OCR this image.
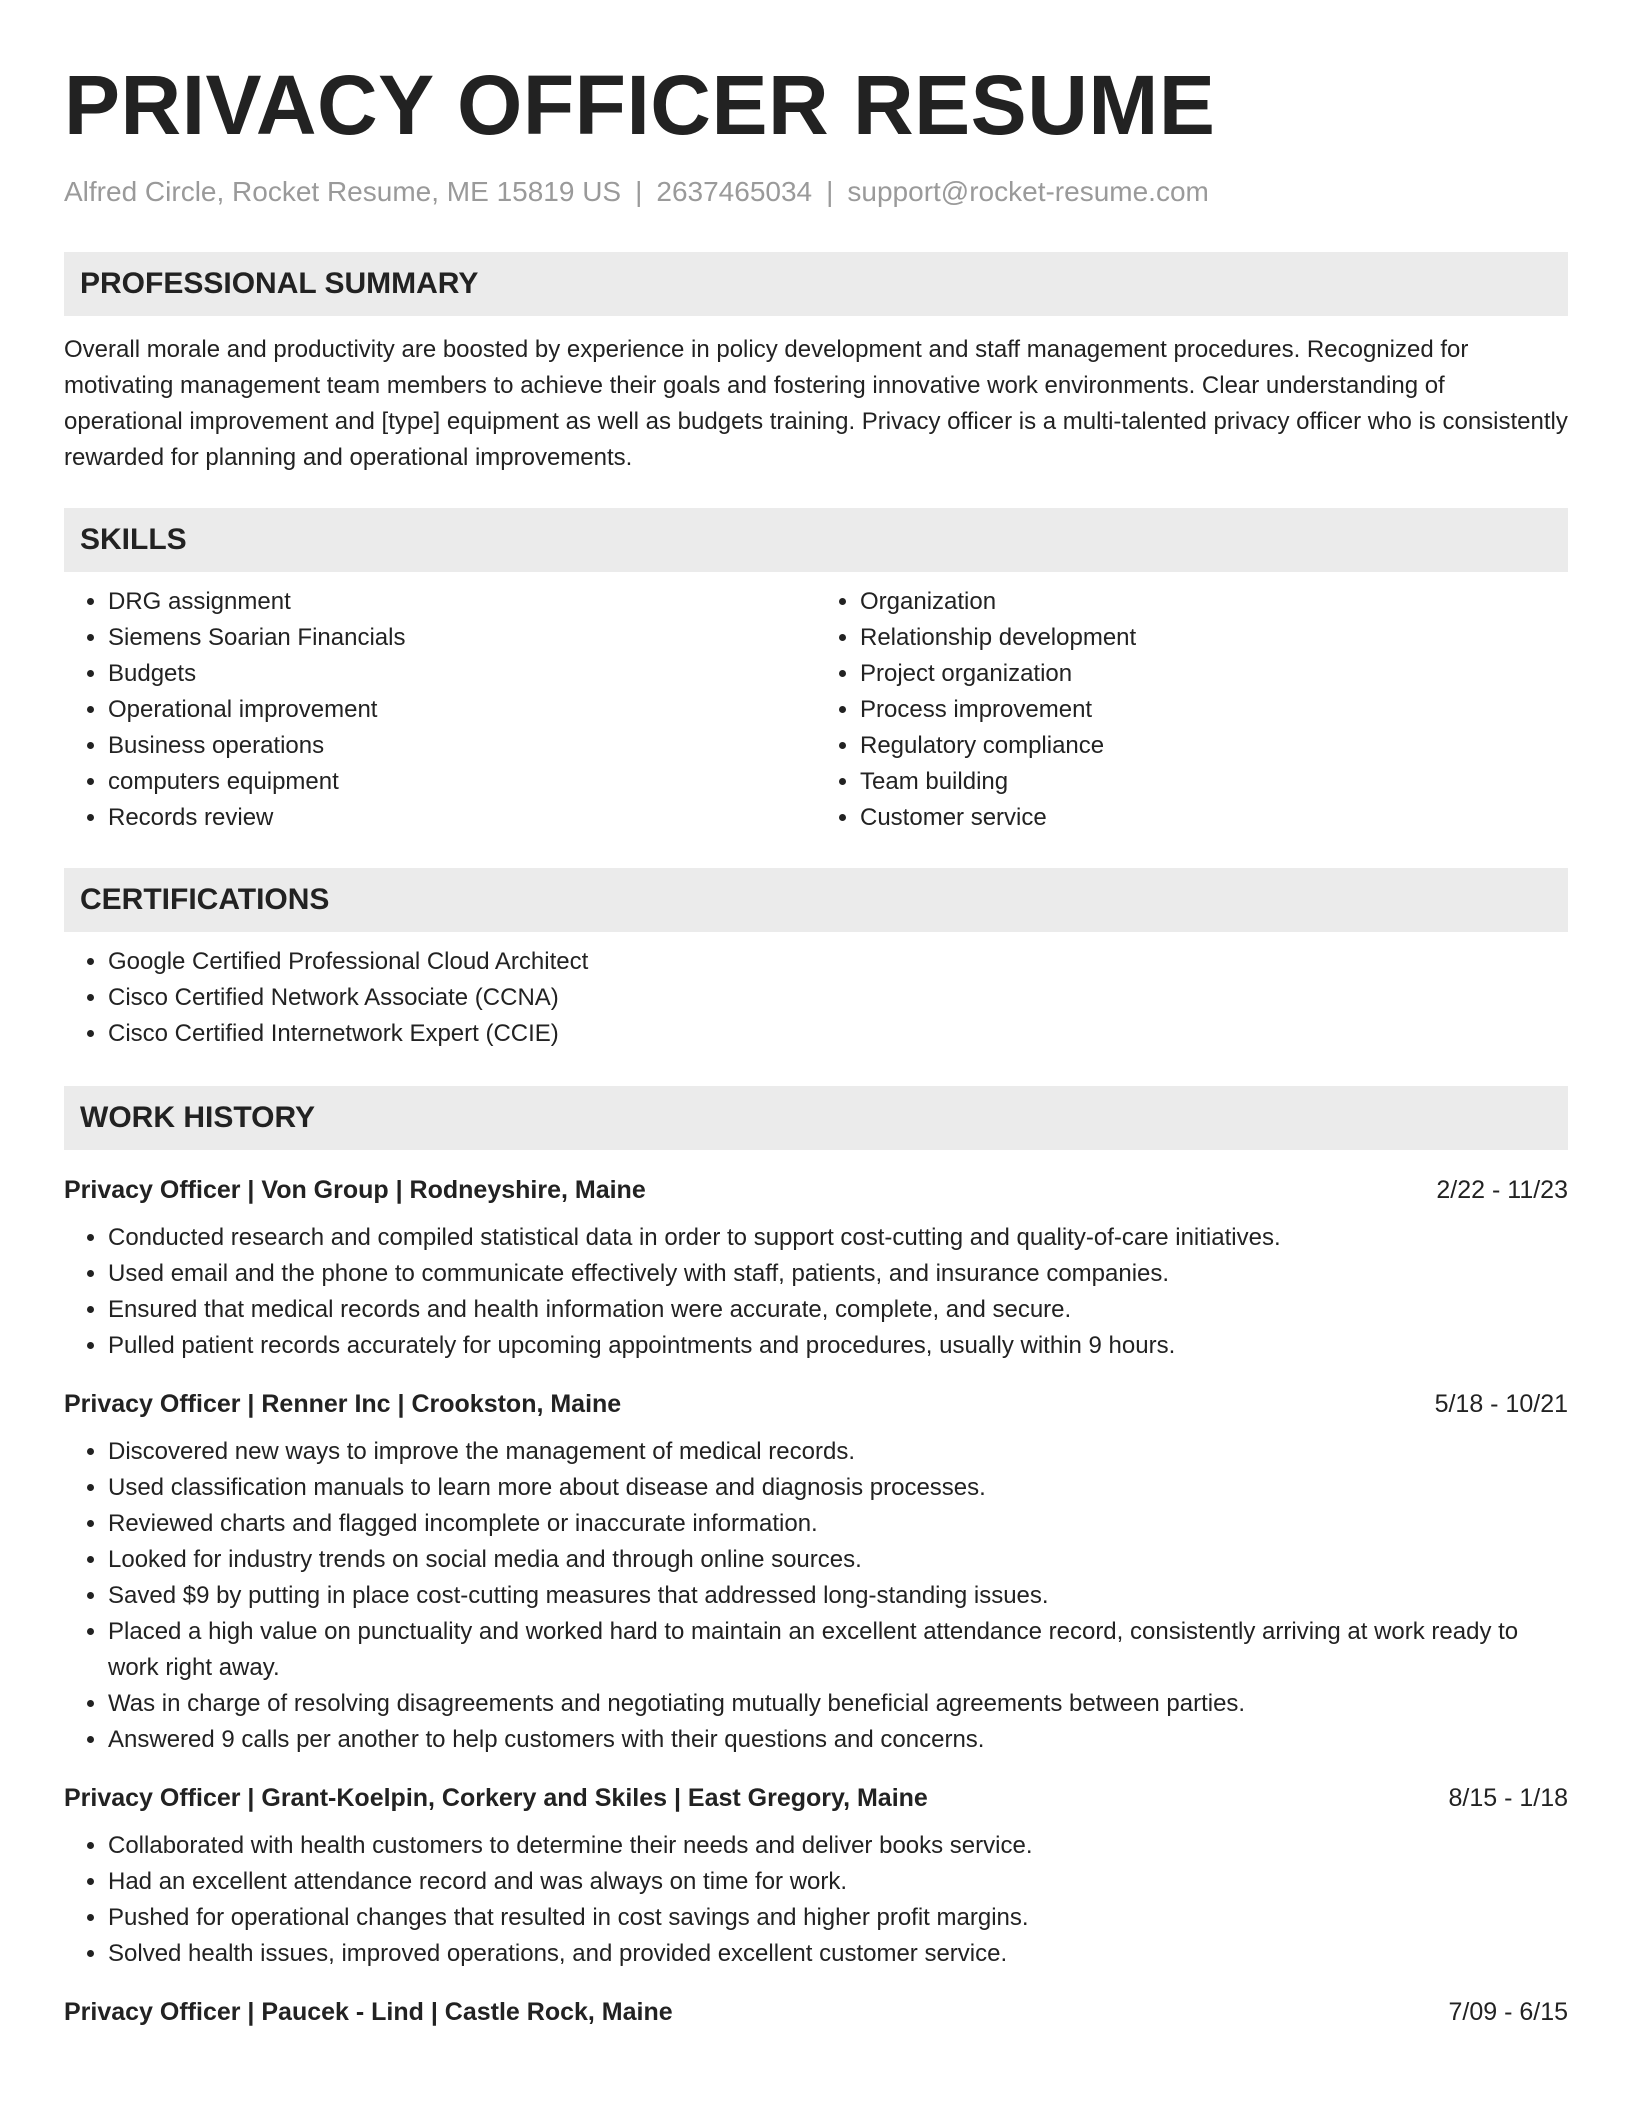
PRIVACY OFFICER RESUME
Alfred Circle, Rocket Resume, ME 15819 US | 2637465034 | support@rocket-resume.com
PROFESSIONAL SUMMARY

Overall morale and productivity are boosted by experience in policy development and staff management procedures. Recognized for motivating management team members to achieve their goals and fostering innovative work environments. Clear understanding of operational improvement and [type] equipment as well as budgets training. Privacy officer is a multi-talented privacy officer who is consistently rewarded for planning and operational improvements.

SKILLS
• DRG assignment
• Siemens Soarian Financials
• Budgets
• Operational improvement
• Business operations
• computers equipment
• Records review
• Organization
• Relationship development
• Project organization
• Process improvement
• Regulatory compliance
• Team building
• Customer service
CERTIFICATIONS
• Google Certified Professional Cloud Architect
• Cisco Certified Network Associate (CCNA)
• Cisco Certified Internetwork Expert (CCIE)
WORK HISTORY
Privacy Officer | Von Group | Rodneyshire, Maine	2/22 - 11/23
• Conducted research and compiled statistical data in order to support cost-cutting and quality-of-care initiatives.
• Used email and the phone to communicate effectively with staff, patients, and insurance companies.
• Ensured that medical records and health information were accurate, complete, and secure.
• Pulled patient records accurately for upcoming appointments and procedures, usually within 9 hours.
Privacy Officer | Renner Inc | Crookston, Maine	5/18 - 10/21
• Discovered new ways to improve the management of medical records.
• Used classification manuals to learn more about disease and diagnosis processes.
• Reviewed charts and flagged incomplete or inaccurate information.
• Looked for industry trends on social media and through online sources.
• Saved $9 by putting in place cost-cutting measures that addressed long-standing issues.
• Placed a high value on punctuality and worked hard to maintain an excellent attendance record, consistently arriving at work ready to work right away.
• Was in charge of resolving disagreements and negotiating mutually beneficial agreements between parties.
• Answered 9 calls per another to help customers with their questions and concerns.
Privacy Officer | Grant-Koelpin, Corkery and Skiles | East Gregory, Maine	8/15 - 1/18
• Collaborated with health customers to determine their needs and deliver books service.
• Had an excellent attendance record and was always on time for work.
• Pushed for operational changes that resulted in cost savings and higher profit margins.
• Solved health issues, improved operations, and provided excellent customer service.
Privacy Officer | Paucek - Lind | Castle Rock, Maine	7/09 - 6/15
